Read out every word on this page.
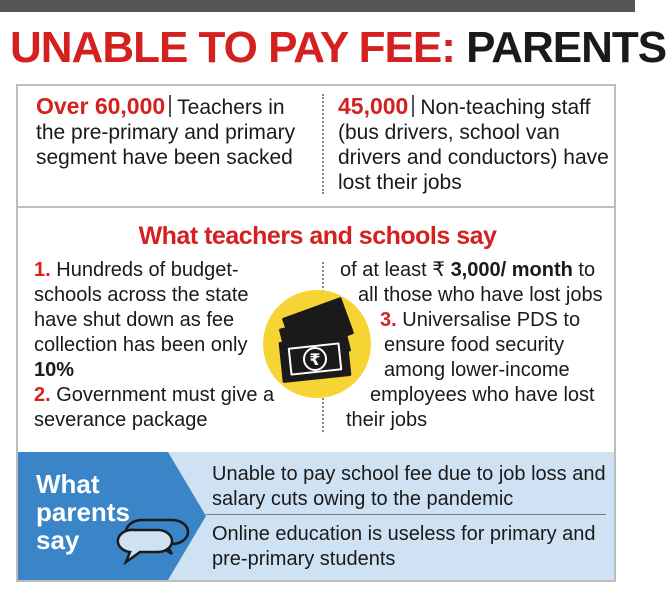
UNABLE TO PAY FEE: PARENTS
Over 60,000 Teachers in the pre-primary and primary segment have been sacked
45,000 Non-teaching staff (bus drivers, school van drivers and conductors) have lost their jobs
What teachers and schools say
1. Hundreds of budget-schools across the state have shut down as fee collection has been only 10%
2. Government must give a severance package
₹
of at least ₹ 3,000/ month to
all those who have lost jobs
3. Universalise PDS to
ensure food security
among lower-income
employees who have lost
their jobs
What
parents
say
Unable to pay school fee due to job loss and salary cuts owing to the pandemic
Online education is useless for primary and pre-primary students
